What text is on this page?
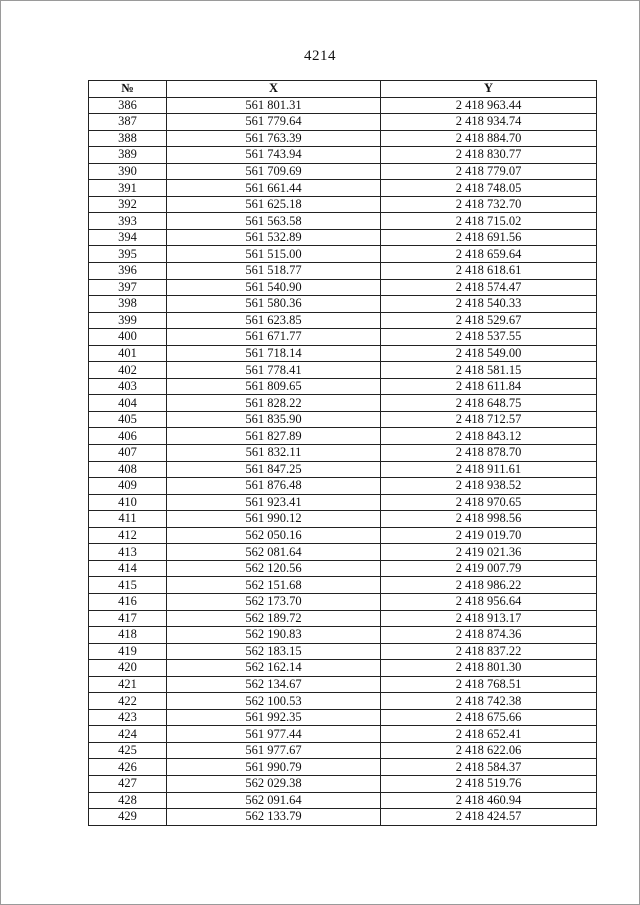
4214
№	X	Y
386	561 801.31	2 418 963.44
387	561 779.64	2 418 934.74
388	561 763.39	2 418 884.70
389	561 743.94	2 418 830.77
390	561 709.69	2 418 779.07
391	561 661.44	2 418 748.05
392	561 625.18	2 418 732.70
393	561 563.58	2 418 715.02
394	561 532.89	2 418 691.56
395	561 515.00	2 418 659.64
396	561 518.77	2 418 618.61
397	561 540.90	2 418 574.47
398	561 580.36	2 418 540.33
399	561 623.85	2 418 529.67
400	561 671.77	2 418 537.55
401	561 718.14	2 418 549.00
402	561 778.41	2 418 581.15
403	561 809.65	2 418 611.84
404	561 828.22	2 418 648.75
405	561 835.90	2 418 712.57
406	561 827.89	2 418 843.12
407	561 832.11	2 418 878.70
408	561 847.25	2 418 911.61
409	561 876.48	2 418 938.52
410	561 923.41	2 418 970.65
411	561 990.12	2 418 998.56
412	562 050.16	2 419 019.70
413	562 081.64	2 419 021.36
414	562 120.56	2 419 007.79
415	562 151.68	2 418 986.22
416	562 173.70	2 418 956.64
417	562 189.72	2 418 913.17
418	562 190.83	2 418 874.36
419	562 183.15	2 418 837.22
420	562 162.14	2 418 801.30
421	562 134.67	2 418 768.51
422	562 100.53	2 418 742.38
423	561 992.35	2 418 675.66
424	561 977.44	2 418 652.41
425	561 977.67	2 418 622.06
426	561 990.79	2 418 584.37
427	562 029.38	2 418 519.76
428	562 091.64	2 418 460.94
429	562 133.79	2 418 424.57
